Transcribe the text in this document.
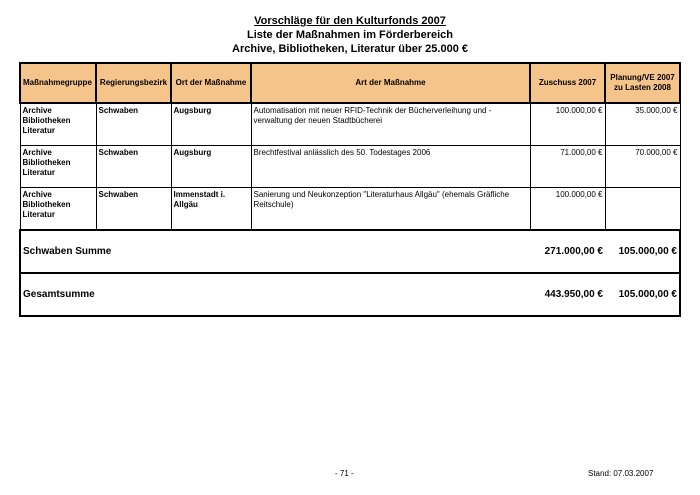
Vorschläge für den Kulturfonds 2007
Liste der Maßnahmen im Förderbereich
Archive, Bibliotheken, Literatur über 25.000 €
Maßnahmegruppe	Regierungsbezirk	Ort der Maßnahme	Art der Maßnahme	Zuschuss 2007	Planung/VE 2007 zu Lasten 2008
Archive Bibliotheken Literatur	Schwaben	Augsburg	Automatisation mit neuer RFID-Technik der Bücherverleihung und -verwaltung der neuen Stadtbücherei	100.000,00 €	35.000,00 €
Archive Bibliotheken Literatur	Schwaben	Augsburg	Brechtfestival anlässlich des 50. Todestages 2006	71.000,00 €	70.000,00 €
Archive Bibliotheken Literatur	Schwaben	Immenstadt i. Allgäu	Sanierung und Neukonzeption "Literaturhaus Allgäu" (ehemals Gräfliche Reitschule)	100.000,00 €	
Schwaben Summe				271.000,00 €	105.000,00 €
Gesamtsumme				443.950,00 €	105.000,00 €
- 71 -	Stand: 07.03.2007
